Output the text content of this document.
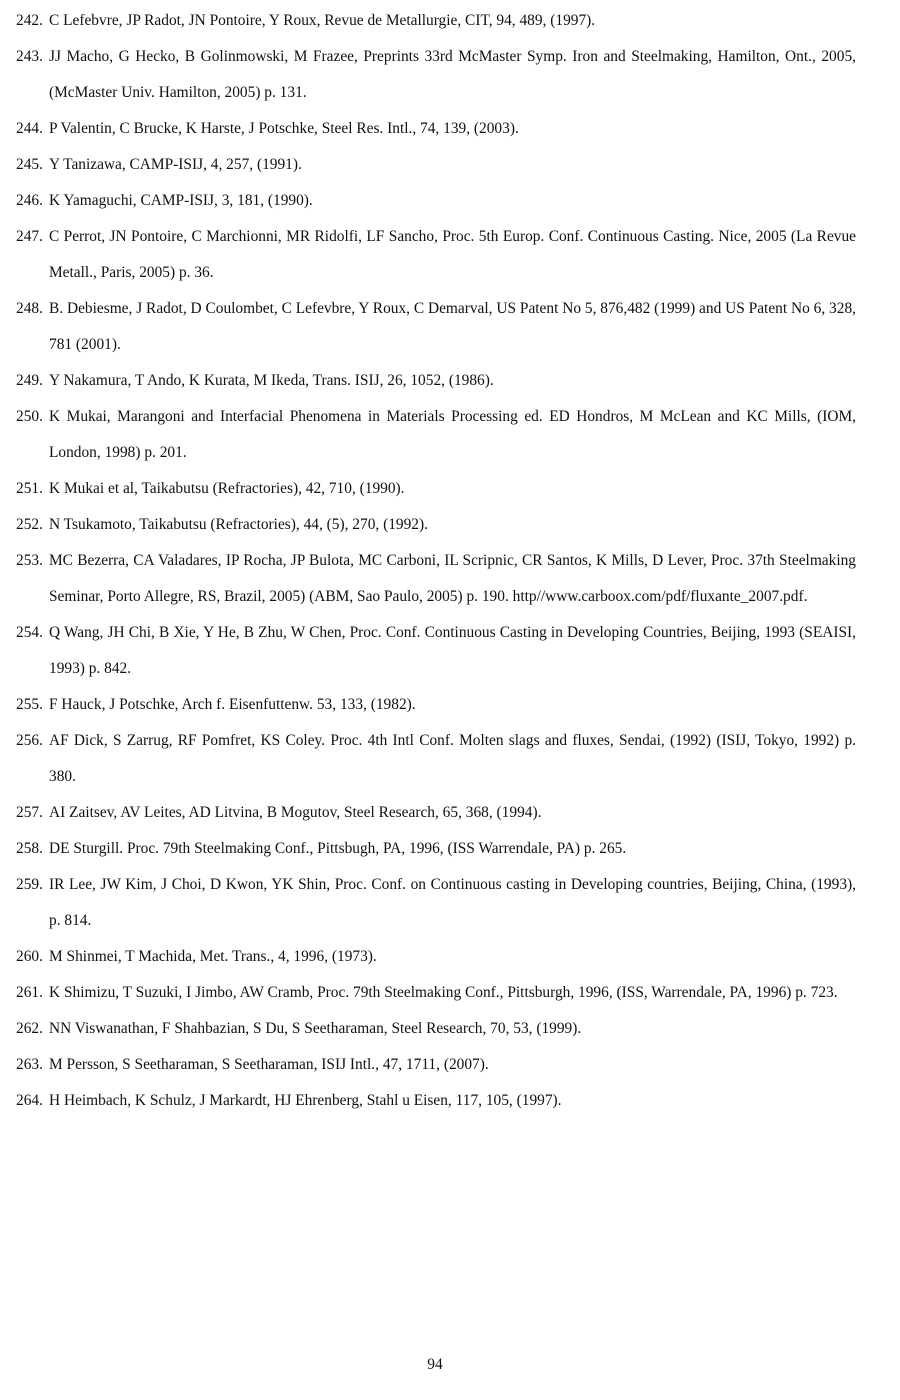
242. C Lefebvre, JP Radot, JN Pontoire, Y Roux, Revue de Metallurgie, CIT, 94, 489, (1997).
243. JJ Macho, G Hecko, B Golinmowski, M Frazee, Preprints 33rd McMaster Symp. Iron and Steelmaking, Hamilton, Ont., 2005, (McMaster Univ. Hamilton, 2005) p. 131.
244. P Valentin, C Brucke, K Harste, J Potschke, Steel Res. Intl., 74, 139, (2003).
245. Y Tanizawa, CAMP-ISIJ, 4, 257, (1991).
246. K Yamaguchi, CAMP-ISIJ, 3, 181, (1990).
247. C Perrot, JN Pontoire, C Marchionni, MR Ridolfi, LF Sancho, Proc. 5th Europ. Conf. Continuous Casting. Nice, 2005 (La Revue Metall., Paris, 2005) p. 36.
248. B. Debiesme, J Radot, D Coulombet, C Lefevbre, Y Roux, C Demarval, US Patent No 5, 876,482 (1999) and US Patent No 6, 328, 781 (2001).
249. Y Nakamura, T Ando, K Kurata, M Ikeda, Trans. ISIJ, 26, 1052, (1986).
250. K Mukai, Marangoni and Interfacial Phenomena in Materials Processing ed. ED Hondros, M McLean and KC Mills, (IOM, London, 1998) p. 201.
251. K Mukai et al, Taikabutsu (Refractories), 42, 710, (1990).
252. N Tsukamoto, Taikabutsu (Refractories), 44, (5), 270, (1992).
253. MC Bezerra, CA Valadares, IP Rocha, JP Bulota, MC Carboni, IL Scripnic, CR Santos, K Mills, D Lever, Proc. 37th Steelmaking Seminar, Porto Allegre, RS, Brazil, 2005) (ABM, Sao Paulo, 2005) p. 190. http//www.carboox.com/pdf/fluxante_2007.pdf.
254. Q Wang, JH Chi, B Xie, Y He, B Zhu, W Chen, Proc. Conf. Continuous Casting in Developing Countries, Beijing, 1993 (SEAISI, 1993) p. 842.
255. F Hauck, J Potschke, Arch f. Eisenfuttenw. 53, 133, (1982).
256. AF Dick, S Zarrug, RF Pomfret, KS Coley. Proc. 4th Intl Conf. Molten slags and fluxes, Sendai, (1992) (ISIJ, Tokyo, 1992) p. 380.
257. AI Zaitsev, AV Leites, AD Litvina, B Mogutov, Steel Research, 65, 368, (1994).
258. DE Sturgill. Proc. 79th Steelmaking Conf., Pittsbugh, PA, 1996, (ISS Warrendale, PA) p. 265.
259. IR Lee, JW Kim, J Choi, D Kwon, YK Shin, Proc. Conf. on Continuous casting in Developing countries, Beijing, China, (1993), p. 814.
260. M Shinmei, T Machida, Met. Trans., 4, 1996, (1973).
261. K Shimizu, T Suzuki, I Jimbo, AW Cramb, Proc. 79th Steelmaking Conf., Pittsburgh, 1996, (ISS, Warrendale, PA, 1996) p. 723.
262. NN Viswanathan, F Shahbazian, S Du, S Seetharaman, Steel Research, 70, 53, (1999).
263. M Persson, S Seetharaman, S Seetharaman, ISIJ Intl., 47, 1711, (2007).
264. H Heimbach, K Schulz, J Markardt, HJ Ehrenberg, Stahl u Eisen, 117, 105, (1997).
94
